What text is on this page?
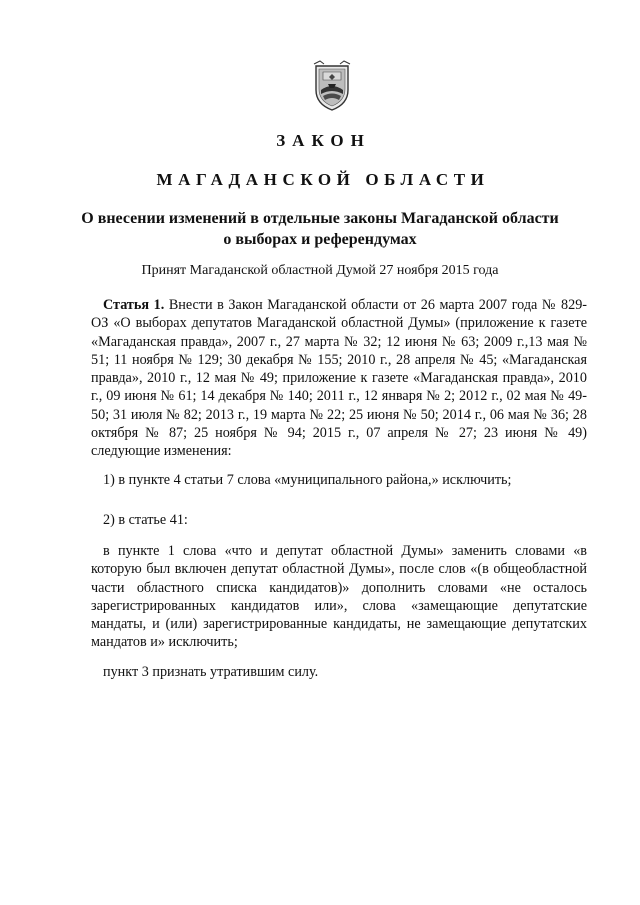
ЗАКОН
МАГАДАНСКОЙ ОБЛАСТИ
О внесении изменений в отдельные законы Магаданской области
о выборах и референдумах
Принят Магаданской областной Думой 27 ноября 2015 года
Статья 1. Внести в Закон Магаданской области от 26 марта 2007 года № 829-ОЗ «О выборах депутатов Магаданской областной Думы» (приложение к газете «Магаданская правда», 2007 г., 27 марта № 32; 12 июня № 63; 2009 г.,13 мая № 51; 11 ноября № 129; 30 декабря № 155; 2010 г., 28 апреля № 45; «Магаданская правда», 2010 г., 12 мая № 49; приложение к газете «Магаданская правда», 2010 г., 09 июня № 61; 14 декабря № 140; 2011 г., 12 января № 2; 2012 г., 02 мая № 49-50; 31 июля № 82; 2013 г., 19 марта № 22; 25 июня № 50; 2014 г., 06 мая № 36; 28 октября № 87; 25 ноября № 94; 2015 г., 07 апреля № 27; 23 июня № 49) следующие изменения:
1) в пункте 4 статьи 7 слова «муниципального района,» исключить;
2) в статье 41:
в пункте 1 слова «что и депутат областной Думы» заменить словами «в которую был включен депутат областной Думы», после слов «(в общеобластной части областного списка кандидатов)» дополнить словами «не осталось зарегистрированных кандидатов или», слова «замещающие депутатские мандаты, и (или) зарегистрированные кандидаты, не замещающие депутатских мандатов и» исключить;
пункт 3 признать утратившим силу.
